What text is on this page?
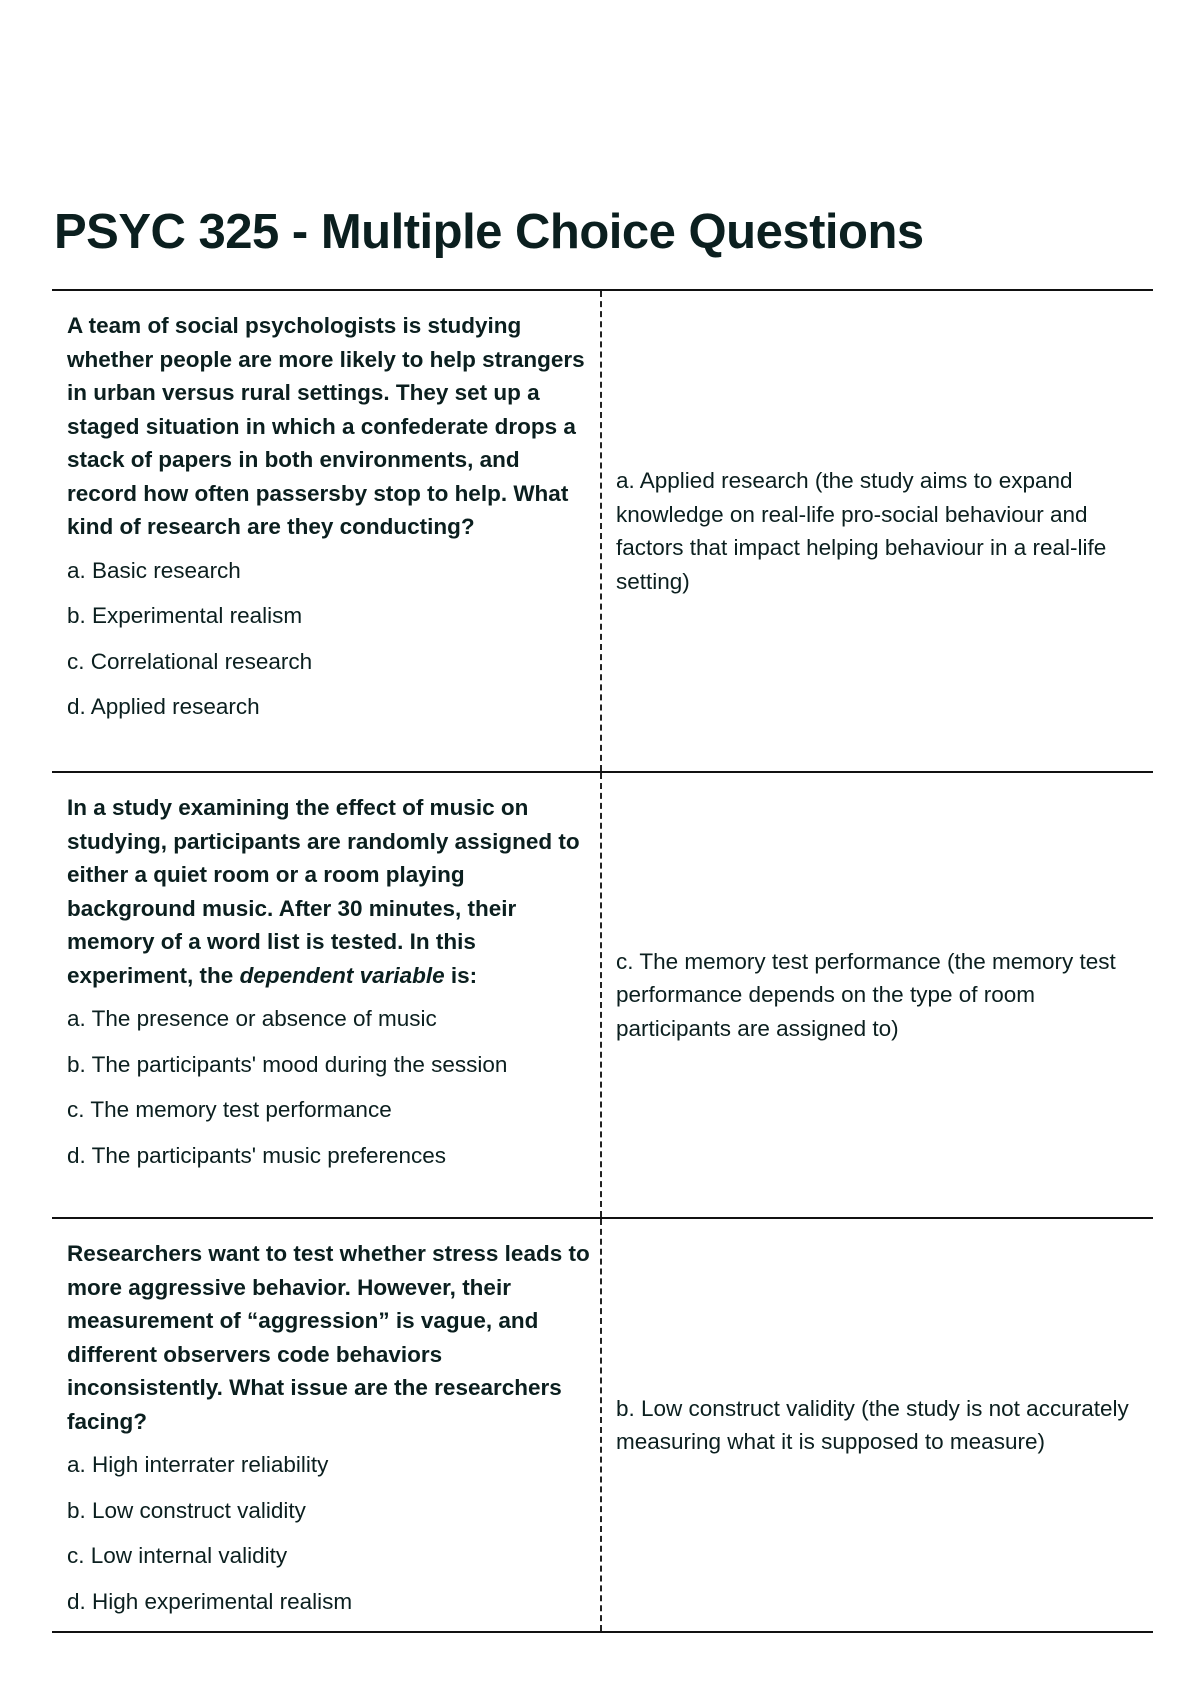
PSYC 325 - Multiple Choice Questions

A team of social psychologists is studying whether people are more likely to help strangers in urban versus rural settings. They set up a staged situation in which a confederate drops a stack of papers in both environments, and record how often passersby stop to help. What kind of research are they conducting?

a. Basic research

b. Experimental realism

c. Correlational research

d. Applied research

a. Applied research (the study aims to expand knowledge on real-life pro-social behaviour and factors that impact helping behaviour in a real-life setting)

In a study examining the effect of music on studying, participants are randomly assigned to either a quiet room or a room playing background music. After 30 minutes, their memory of a word list is tested. In this experiment, the dependent variable is:

a. The presence or absence of music

b. The participants' mood during the session

c. The memory test performance

d. The participants' music preferences

c. The memory test performance (the memory test performance depends on the type of room participants are assigned to)

Researchers want to test whether stress leads to more aggressive behavior. However, their measurement of “aggression” is vague, and different observers code behaviors inconsistently. What issue are the researchers facing?

a. High interrater reliability

b. Low construct validity

c. Low internal validity

d. High experimental realism

b. Low construct validity (the study is not accurately measuring what it is supposed to measure)
